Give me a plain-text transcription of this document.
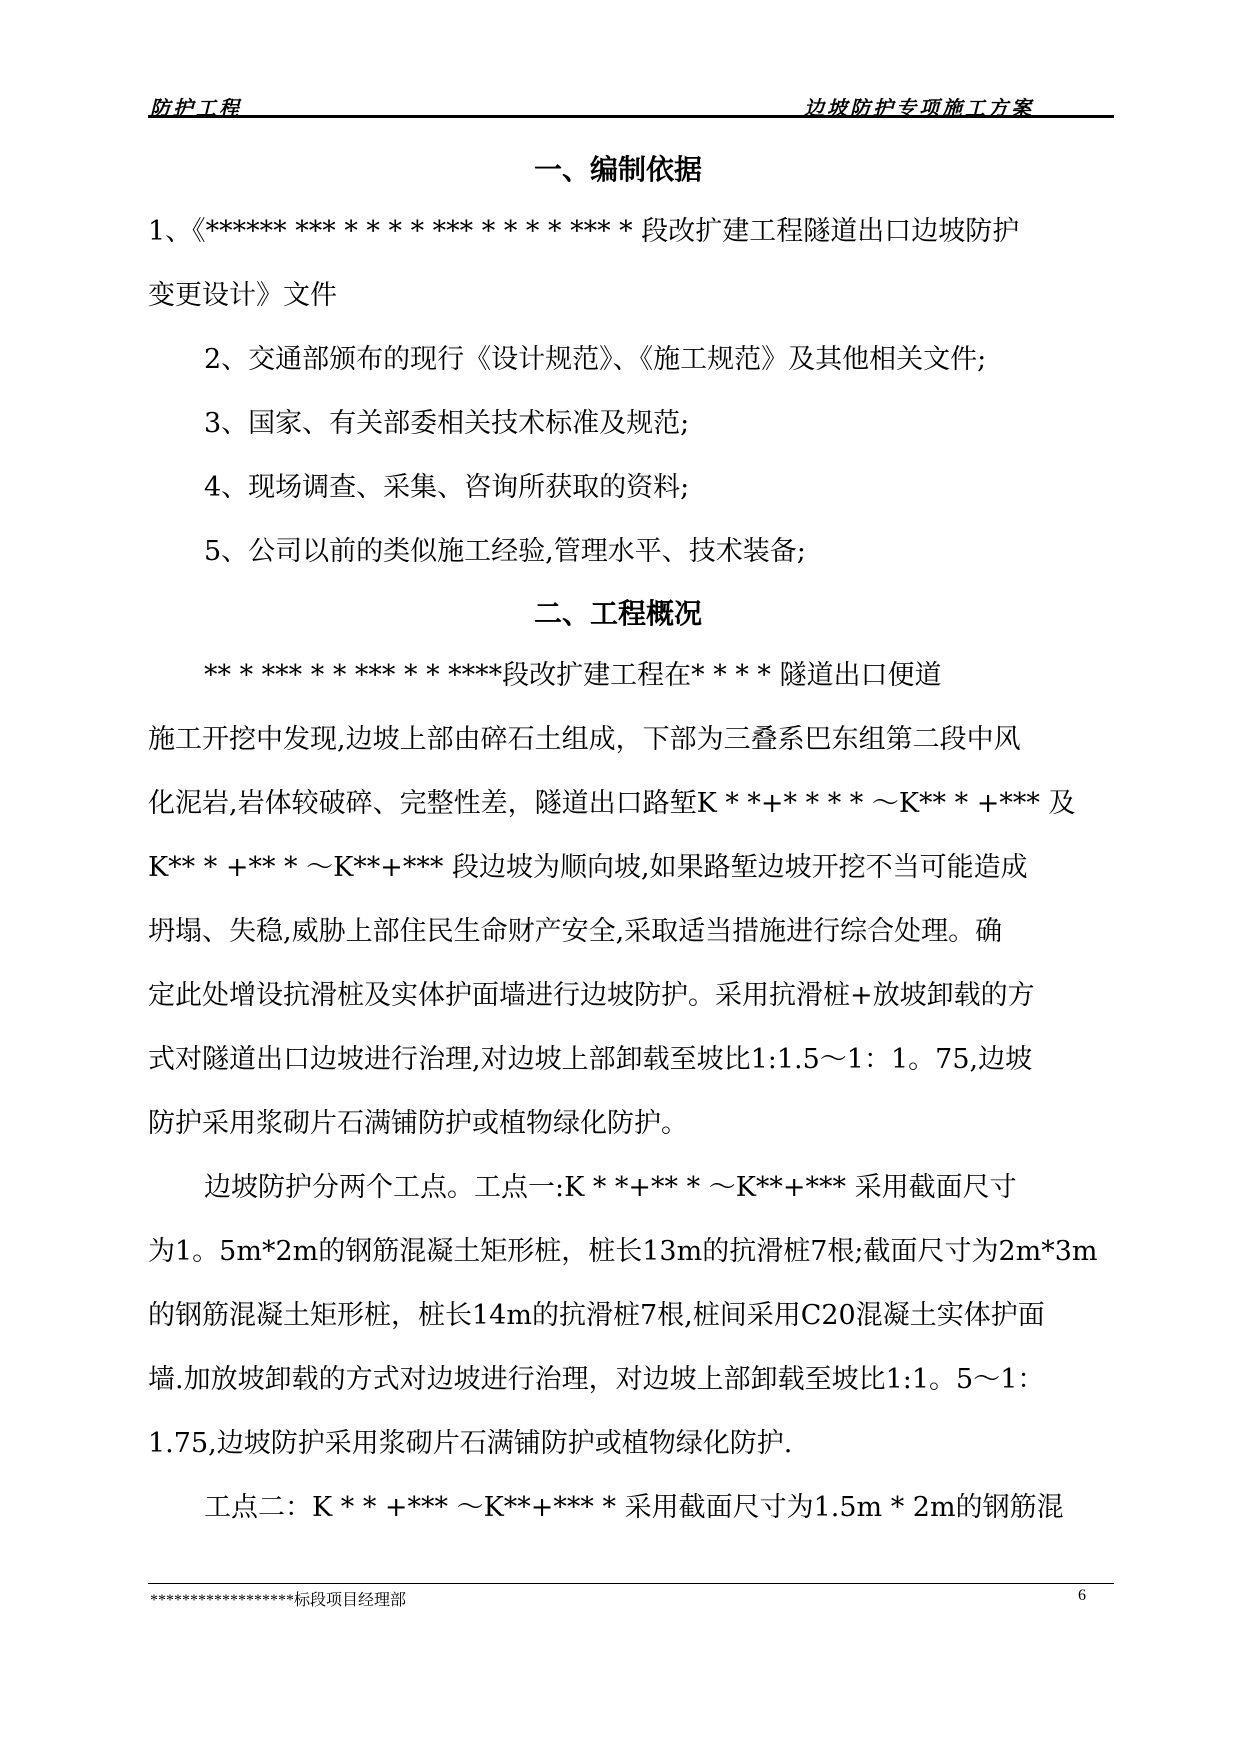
防护工程	边坡防护专项施工方案
一、编制依据

1、《****** *** * * * * *** * * * * *** * 段改扩建工程隧道出口边坡防护

变更设计》文件

2、交通部颁布的现行《设计规范》、《施工规范》及其他相关文件;

3、国家、有关部委相关技术标准及规范;

4、现场调查、采集、咨询所获取的资料;

5、公司以前的类似施工经验,管理水平、技术装备;

二、工程概况

** * *** * * *** * * ****段改扩建工程在* * * * 隧道出口便道

施工开挖中发现,边坡上部由碎石土组成，下部为三叠系巴东组第二段中风

化泥岩,岩体较破碎、完整性差，隧道出口路堑K * *+* * * * ～K** * +*** 及

K** * +** * ～K**+*** 段边坡为顺向坡,如果路堑边坡开挖不当可能造成

坍塌、失稳,威胁上部住民生命财产安全,采取适当措施进行综合处理。确

定此处增设抗滑桩及实体护面墙进行边坡防护。采用抗滑桩+放坡卸载的方

式对隧道出口边坡进行治理,对边坡上部卸载至坡比1:1.5～1：1。75,边坡

防护采用浆砌片石满铺防护或植物绿化防护。

边坡防护分两个工点。工点一:K * *+** * ～K**+*** 采用截面尺寸

为1。5m*2m的钢筋混凝土矩形桩，桩长13m的抗滑桩7根;截面尺寸为2m*3m

的钢筋混凝土矩形桩，桩长14m的抗滑桩7根,桩间采用C20混凝土实体护面

墙.加放坡卸载的方式对边坡进行治理，对边坡上部卸载至坡比1:1。5～1：

1.75,边坡防护采用浆砌片石满铺防护或植物绿化防护.

工点二：K * * +*** ～K**+*** * 采用截面尺寸为1.5m * 2m的钢筋混

******************标段项目经理部	6
